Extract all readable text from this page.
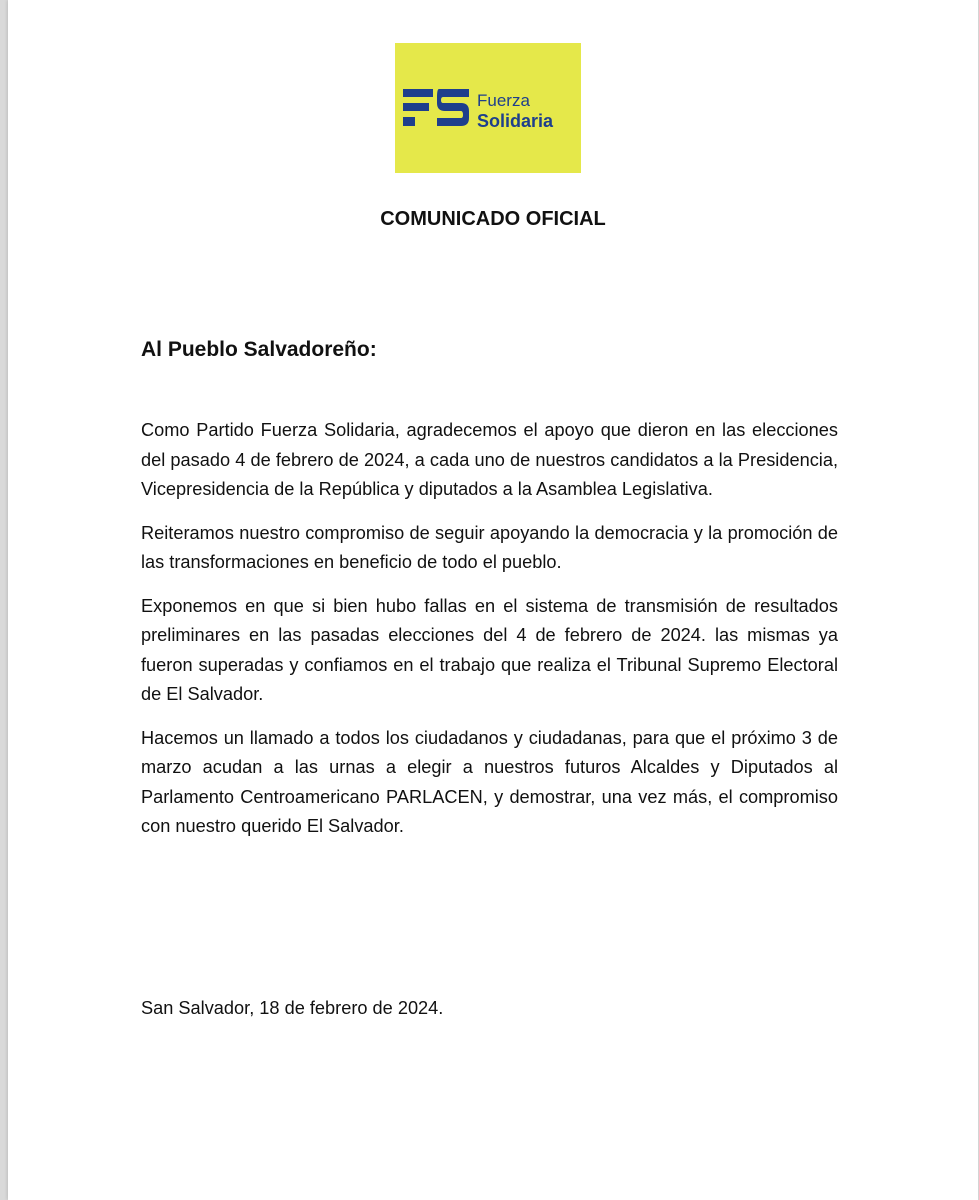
Fuerza
Solidaria
COMUNICADO OFICIAL
Al Pueblo Salvadoreño:

Como Partido Fuerza Solidaria, agradecemos el apoyo que dieron en las elecciones del pasado 4 de febrero de 2024, a cada uno de nuestros candidatos a la Presidencia, Vicepresidencia de la República y diputados a la Asamblea Legislativa.

Reiteramos nuestro compromiso de seguir apoyando la democracia y la promoción de las transformaciones en beneficio de todo el pueblo.

Exponemos en que si bien hubo fallas en el sistema de transmisión de resultados preliminares en las pasadas elecciones del 4 de febrero de 2024. las mismas ya fueron superadas y confiamos en el trabajo que realiza el Tribunal Supremo Electoral de El Salvador.

Hacemos un llamado a todos los ciudadanos y ciudadanas, para que el próximo 3 de marzo acudan a las urnas a elegir a nuestros futuros Alcaldes y Diputados al Parlamento Centroamericano PARLACEN, y demostrar, una vez más, el compromiso con nuestro querido El Salvador.

San Salvador, 18 de febrero de 2024.
